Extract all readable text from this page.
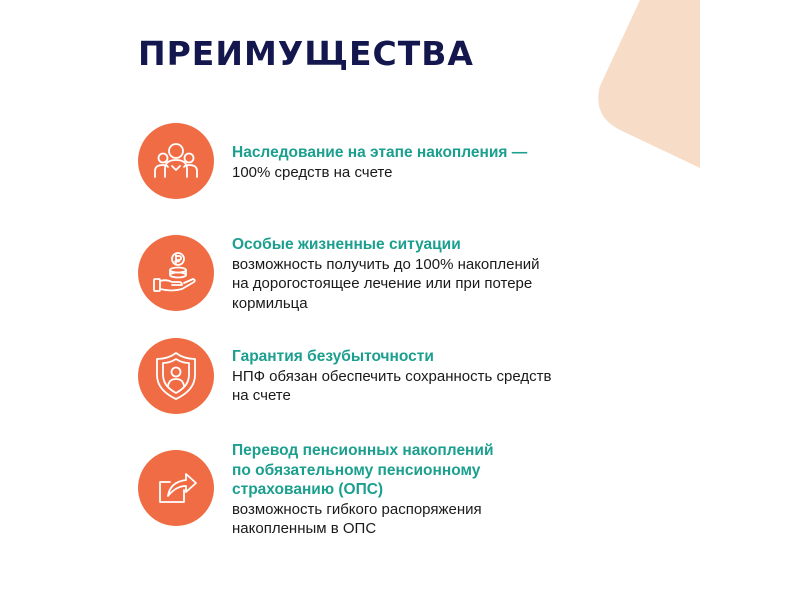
ПРЕИМУЩЕСТВА

Наследование на этапе накопления —

100% средств на счете

Особые жизненные ситуации

возможность получить до 100% накоплений
на дорогостоящее лечение или при потере
кормильца

Гарантия безубыточности

НПФ обязан обеспечить сохранность средств
на счете

Перевод пенсионных накоплений
по обязательному пенсионному
страхованию (ОПС)

возможность гибкого распоряжения
накопленным в ОПС
